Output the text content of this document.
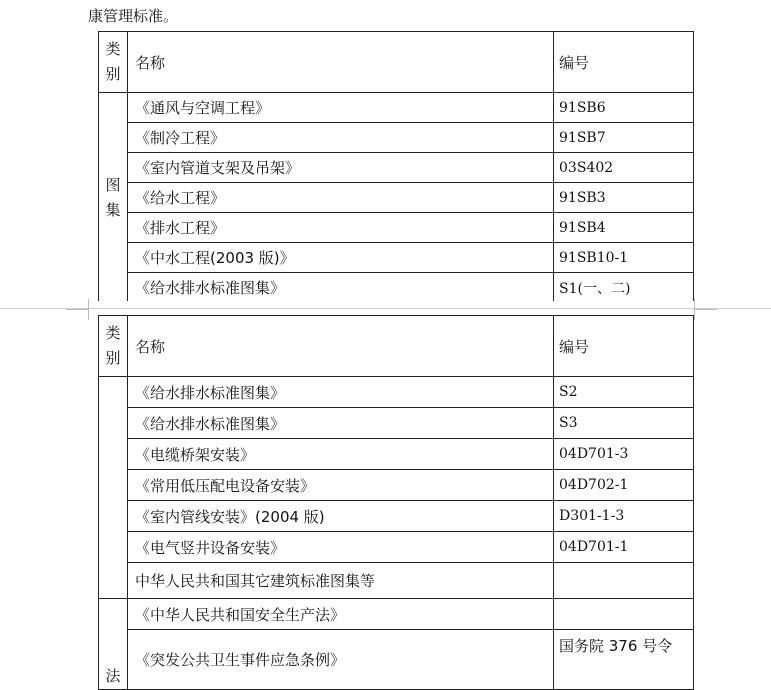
康管理标准。
类
别	名称	编号

图
集	《通风与空调工程》	91SB6
	《制冷工程》	91SB7
	《室内管道支架及吊架》	03S402
	《给水工程》	91SB3
	《排水工程》	91SB4
	《中水工程(2003 版)》	91SB10-1
	《给水排水标准图集》	S1(一、二)
类
别	名称	编号
	《给水排水标准图集》	S2
	《给水排水标准图集》	S3
	《电缆桥架安装》	04D701-3
	《常用低压配电设备安装》	04D702-1
	《室内管线安装》(2004 版)	D301-1-3
	《电气竖井设备安装》	04D701-1
	中华人民共和国其它建筑标准图集等	

法	《中华人民共和国安全生产法》	
	《突发公共卫生事件应急条例》	国务院 376 号令
